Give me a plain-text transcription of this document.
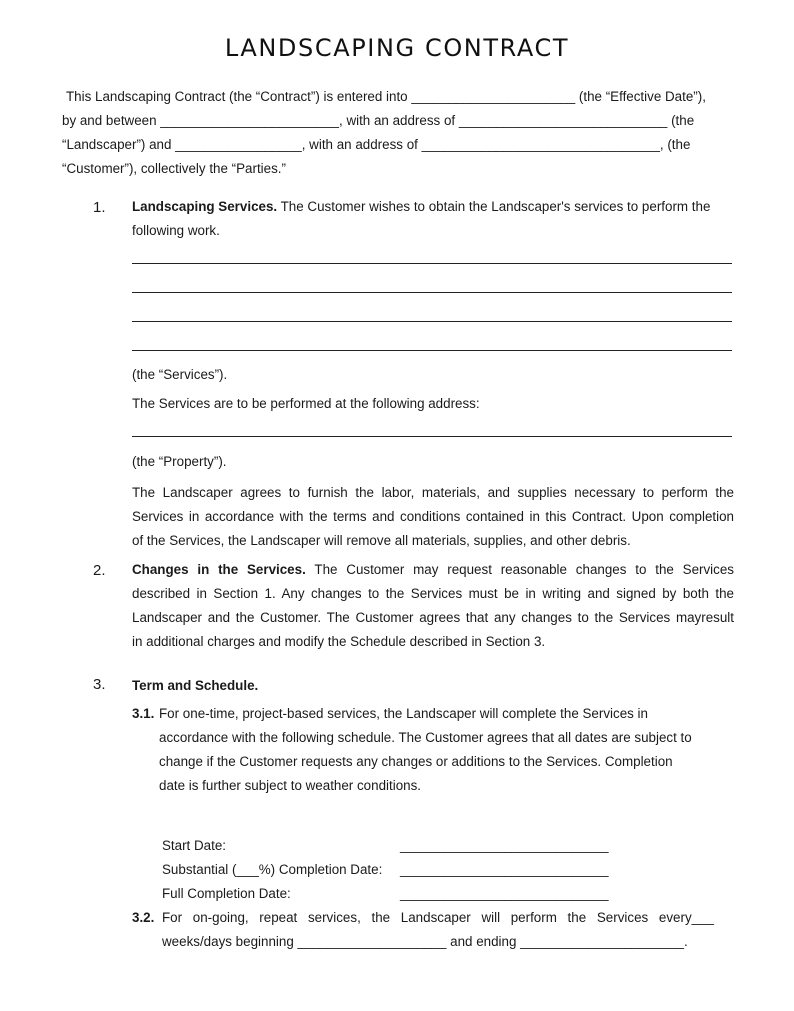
LANDSCAPING CONTRACT
This Landscaping Contract (the “Contract”) is entered into ______________________ (the “Effective Date”),
by and between ________________________, with an address of ____________________________ (the
“Landscaper”) and _________________, with an address of ________________________________, (the
“Customer”), collectively the “Parties.”
1. Landscaping Services. The Customer wishes to obtain the Landscaper's services to perform the
following work.
(the “Services”).
The Services are to be performed at the following address:
(the “Property”).
The Landscaper agrees to furnish the labor, materials, and supplies necessary to perform the
Services in accordance with the terms and conditions contained in this Contract. Upon completion
of the Services, the Landscaper will remove all materials, supplies, and other debris.
2. Changes in the Services. The Customer may request reasonable changes to the Services
described in Section 1. Any changes to the Services must be in writing and signed by both the
Landscaper and the Customer. The Customer agrees that any changes to the Services mayresult
in additional charges and modify the Schedule described in Section 3.
3. Term and Schedule.
3.1. For one-time, project-based services, the Landscaper will complete the Services in
accordance with the following schedule. The Customer agrees that all dates are subject to
change if the Customer requests any changes or additions to the Services. Completion
date is further subject to weather conditions.
Start Date:	____________________________
Substantial (___%) Completion Date: ____________________________
Full Completion Date:	____________________________
3.2. For on-going, repeat services, the Landscaper will perform the Services every___
weeks/days beginning ____________________ and ending ______________________.
